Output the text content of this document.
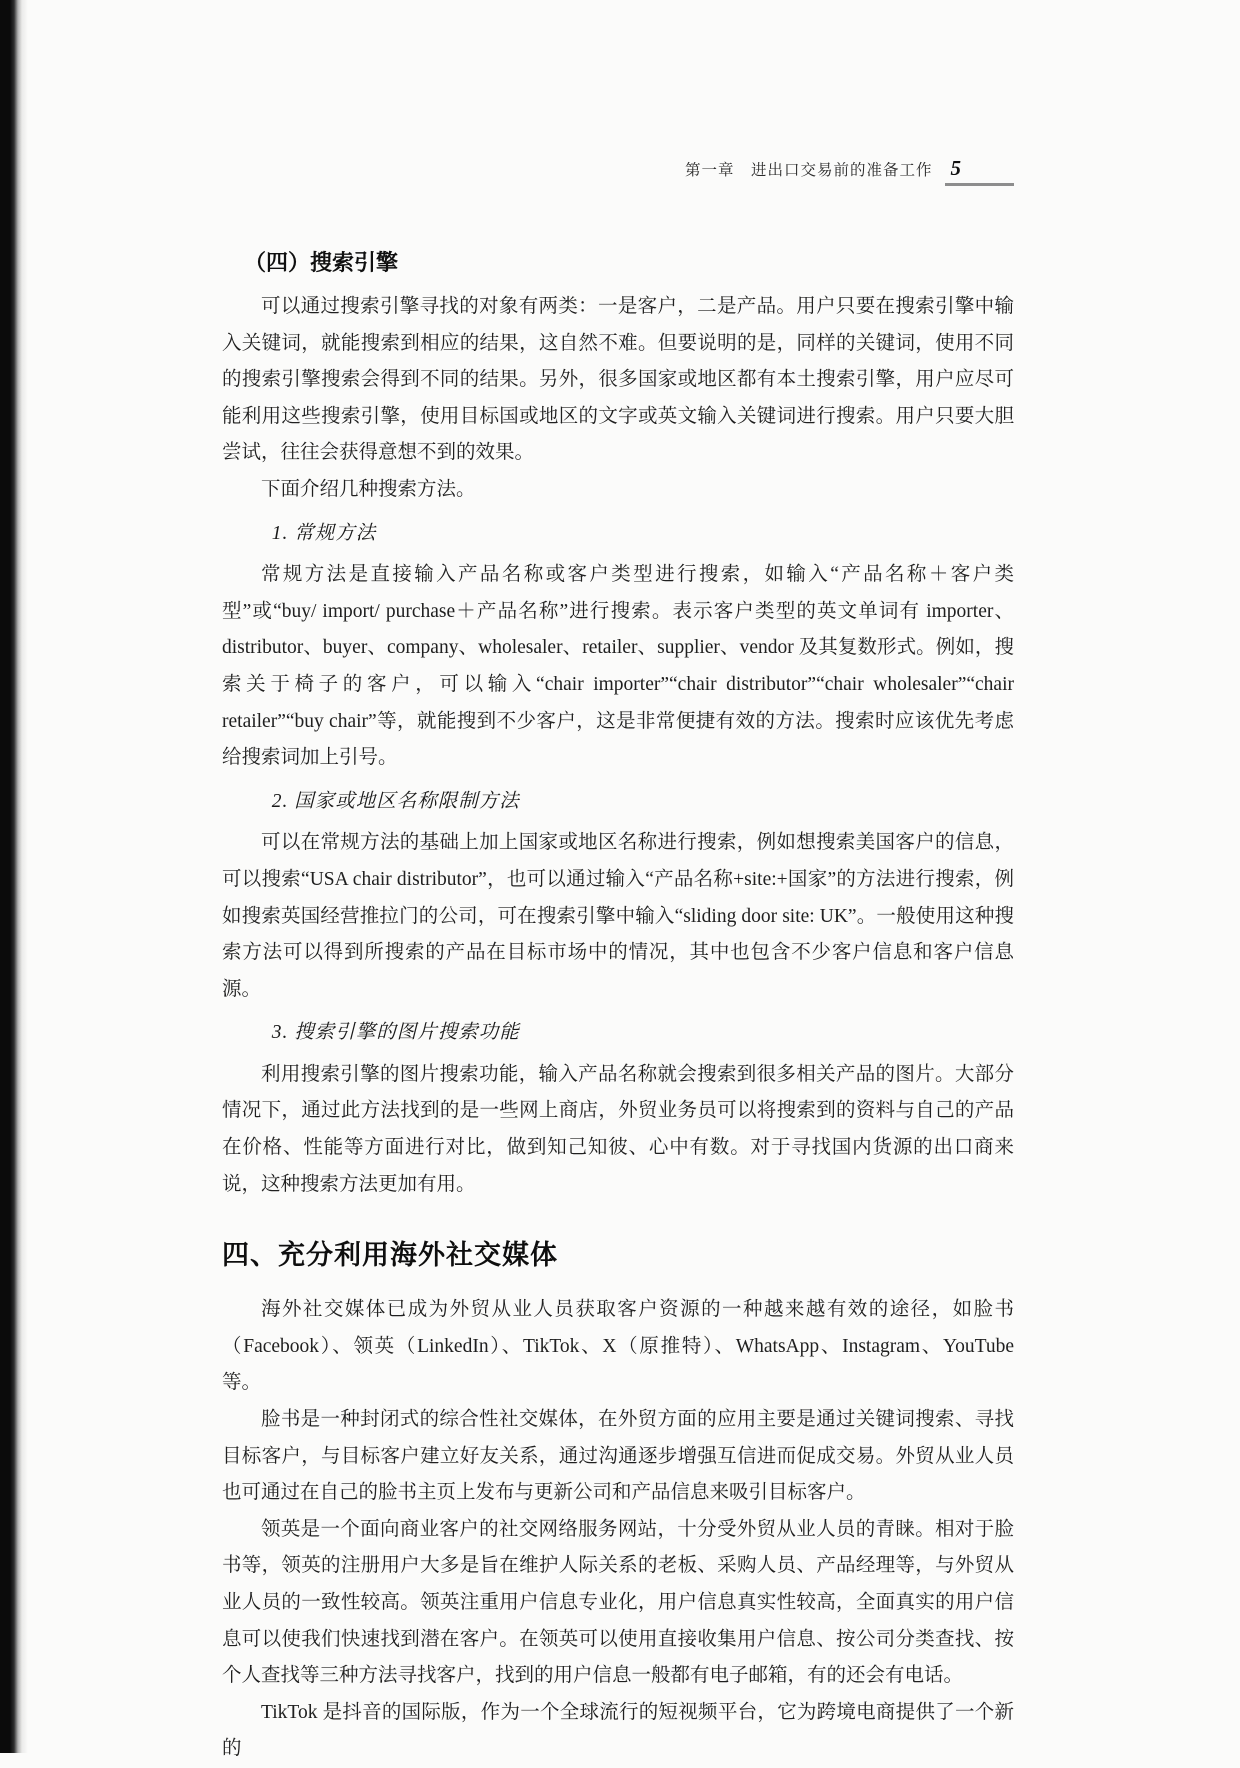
第一章　进出口交易前的准备工作 5
（四）搜索引擎

可以通过搜索引擎寻找的对象有两类：一是客户，二是产品。用户只要在搜索引擎中输入关键词，就能搜索到相应的结果，这自然不难。但要说明的是，同样的关键词，使用不同的搜索引擎搜索会得到不同的结果。另外，很多国家或地区都有本土搜索引擎，用户应尽可能利用这些搜索引擎，使用目标国或地区的文字或英文输入关键词进行搜索。用户只要大胆尝试，往往会获得意想不到的效果。

下面介绍几种搜索方法。

1. 常规方法

常规方法是直接输入产品名称或客户类型进行搜索，如输入“产品名称＋客户类型”或“buy/ import/ purchase＋产品名称”进行搜索。表示客户类型的英文单词有 importer、distributor、buyer、company、wholesaler、retailer、supplier、vendor 及其复数形式。例如，搜索关于椅子的客户，可以输入“chair importer”“chair distributor”“chair wholesaler”“chair retailer”“buy chair”等，就能搜到不少客户，这是非常便捷有效的方法。搜索时应该优先考虑给搜索词加上引号。

2. 国家或地区名称限制方法

可以在常规方法的基础上加上国家或地区名称进行搜索，例如想搜索美国客户的信息，可以搜索“USA chair distributor”，也可以通过输入“产品名称+site:+国家”的方法进行搜索，例如搜索英国经营推拉门的公司，可在搜索引擎中输入“sliding door site: UK”。一般使用这种搜索方法可以得到所搜索的产品在目标市场中的情况，其中也包含不少客户信息和客户信息源。

3. 搜索引擎的图片搜索功能

利用搜索引擎的图片搜索功能，输入产品名称就会搜索到很多相关产品的图片。大部分情况下，通过此方法找到的是一些网上商店，外贸业务员可以将搜索到的资料与自己的产品在价格、性能等方面进行对比，做到知己知彼、心中有数。对于寻找国内货源的出口商来说，这种搜索方法更加有用。

四、充分利用海外社交媒体

海外社交媒体已成为外贸从业人员获取客户资源的一种越来越有效的途径，如脸书（Facebook）、领英（LinkedIn）、TikTok、X（原推特）、WhatsApp、Instagram、YouTube 等。

脸书是一种封闭式的综合性社交媒体，在外贸方面的应用主要是通过关键词搜索、寻找目标客户，与目标客户建立好友关系，通过沟通逐步增强互信进而促成交易。外贸从业人员也可通过在自己的脸书主页上发布与更新公司和产品信息来吸引目标客户。

领英是一个面向商业客户的社交网络服务网站，十分受外贸从业人员的青睐。相对于脸书等，领英的注册用户大多是旨在维护人际关系的老板、采购人员、产品经理等，与外贸从业人员的一致性较高。领英注重用户信息专业化，用户信息真实性较高，全面真实的用户信息可以使我们快速找到潜在客户。在领英可以使用直接收集用户信息、按公司分类查找、按个人查找等三种方法寻找客户，找到的用户信息一般都有电子邮箱，有的还会有电话。

TikTok 是抖音的国际版，作为一个全球流行的短视频平台，它为跨境电商提供了一个新的
